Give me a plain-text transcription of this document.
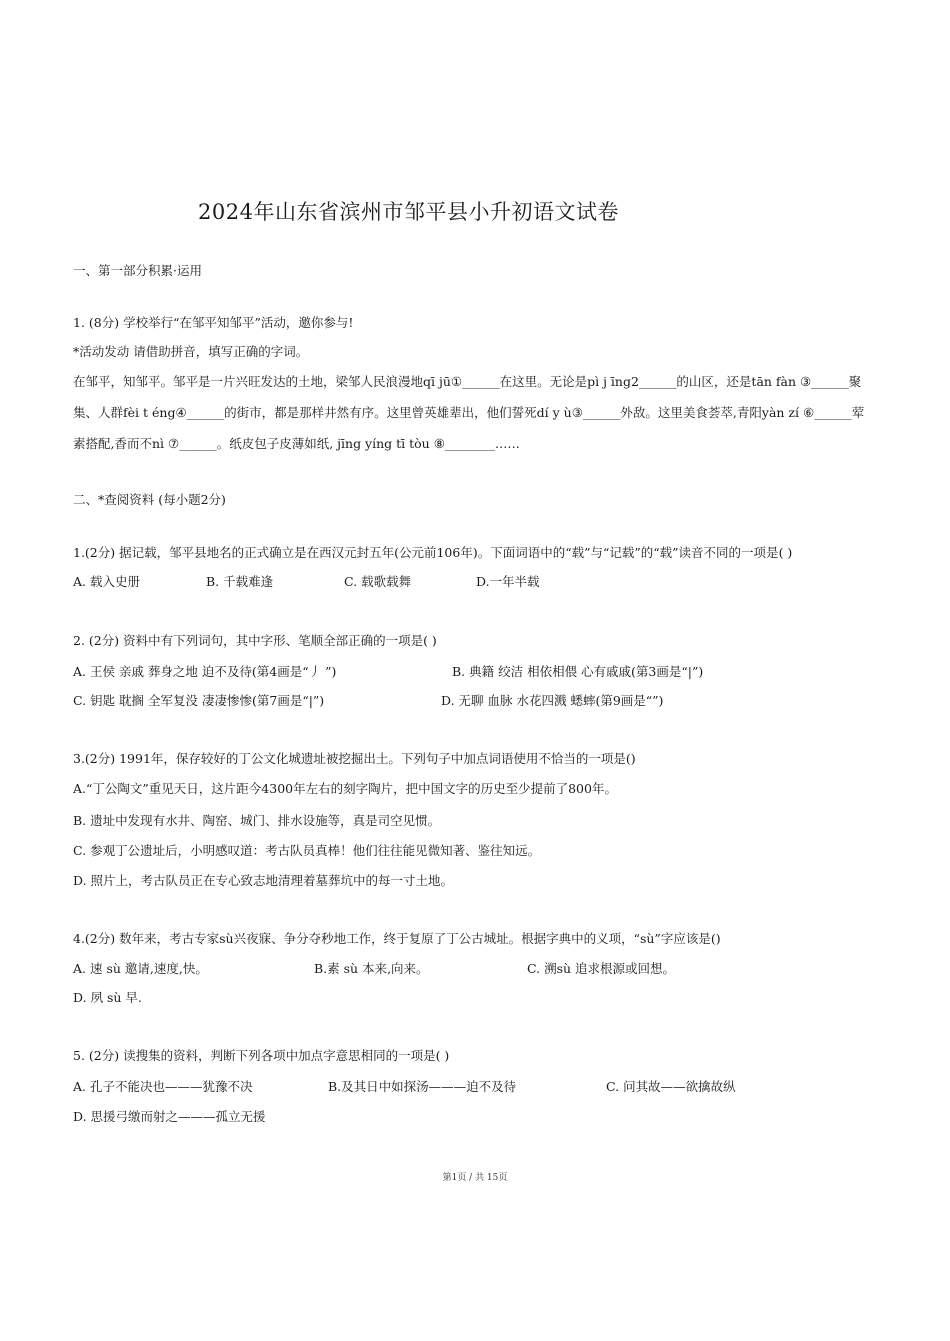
2024年山东省滨州市邹平县小升初语文试卷
一、第一部分积累·运用
1. (8分) 学校举行“在邹平知邹平”活动，邀你参与!
*活动发动 请借助拼音，填写正确的字词。
在邹平，知邹平。邹平是一片兴旺发达的土地，梁邹人民浪漫地qī jū①______在这里。无论是pì j īng2______的山区，还是tān fàn ③______聚
集、人群fèi t éng④______的街市，都是那样井然有序。这里曾英雄辈出，他们誓死dí y ù③______外敌。这里美食荟萃,青阳yàn zí ⑥______荤
素搭配,香而不nì ⑦______。纸皮包子皮薄如纸, jīng yíng tī tòu ⑧________……
二、*查阅资料 (每小题2分)
1.(2分) 据记载，邹平县地名的正式确立是在西汉元封五年(公元前106年)。下面词语中的“载”与“记载”的“载”读音不同的一项是( )
A. 载入史册	B. 千载难逢	C. 载歌载舞	D.一年半载
2. (2分) 资料中有下列词句，其中字形、笔顺全部正确的一项是( )
A. 王侯 亲戚 葬身之地 迫不及待(第4画是“丿 ”)	B. 典籍 绞洁 相依相偎 心有戚戚(第3画是“|”)
C. 钥匙 耽搁 全军复没 凄凄惨惨(第7画是“|”)	D. 无聊 血脉 水花四溅 蟋蟀(第9画是“”)
3.(2分) 1991年，保存较好的丁公文化城遗址被挖掘出土。下列句子中加点词语使用不恰当的一项是()
A.“丁公陶文”重见天日，这片距今4300年左右的刻字陶片，把中国文字的历史至少提前了800年。
B. 遗址中发现有水井、陶窑、城门、排水设施等，真是司空见惯。
C. 参观丁公遗址后，小明感叹道：考古队员真棒！他们往往能见微知著、鉴往知远。
D. 照片上，考古队员正在专心致志地清理着墓葬坑中的每一寸土地。
4.(2分) 数年来，考古专家sù兴夜寐、争分夺秒地工作，终于复原了丁公古城址。根据字典中的义项，“sù”字应该是()
A. 速 sù 邀请,速度,快。	B.素 sù 本来,向来。	C. 溯sù 追求根源或回想。
D. 夙 sù 早.
5. (2分) 读搜集的资料，判断下列各项中加点字意思相同的一项是( )
A. 孔子不能决也———犹豫不决	B.及其日中如探汤———迫不及待	C. 问其故——欲擒故纵
D. 思援弓缴而射之———孤立无援
第1页 / 共 15页
